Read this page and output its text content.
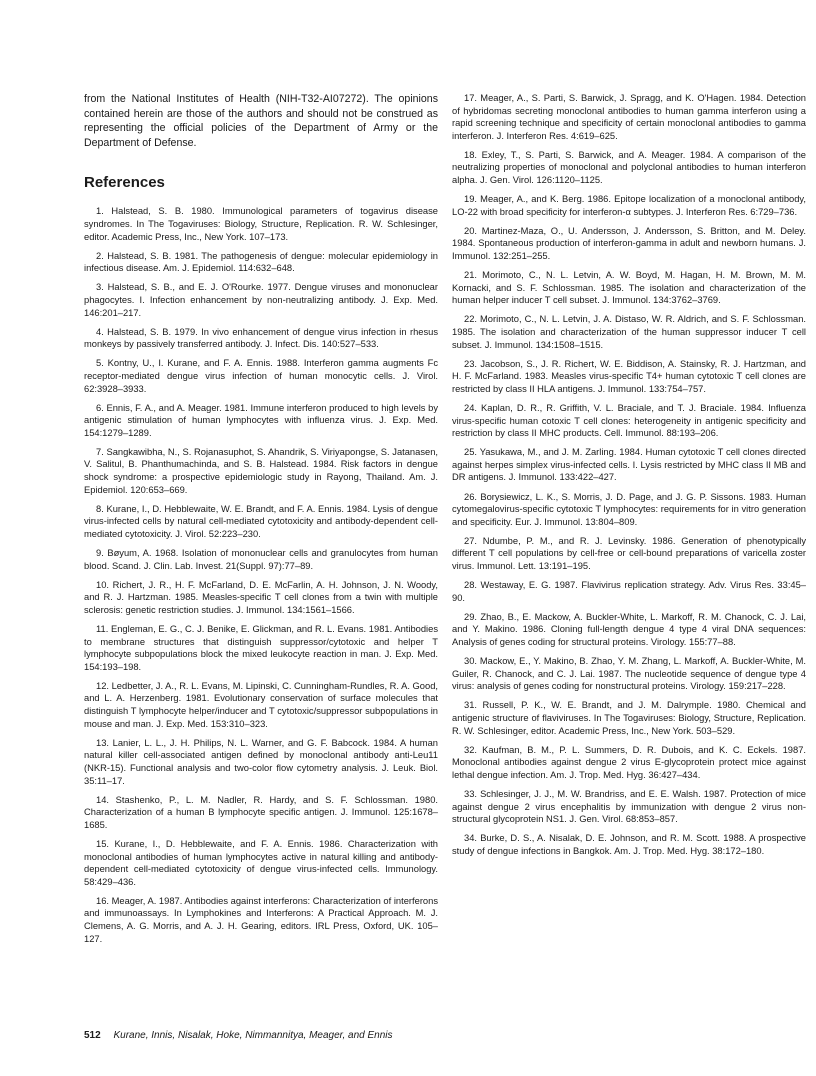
from the National Institutes of Health (NIH-T32-AI07272). The opinions contained herein are those of the authors and should not be construed as representing the official policies of the Department of Army or the Department of Defense.

References

1. Halstead, S. B. 1980. Immunological parameters of togavirus disease syndromes. In The Togaviruses: Biology, Structure, Replication. R. W. Schlesinger, editor. Academic Press, Inc., New York. 107–173.

2. Halstead, S. B. 1981. The pathogenesis of dengue: molecular epidemiology in infectious disease. Am. J. Epidemiol. 114:632–648.

3. Halstead, S. B., and E. J. O'Rourke. 1977. Dengue viruses and mononuclear phagocytes. I. Infection enhancement by non-neutralizing antibody. J. Exp. Med. 146:201–217.

4. Halstead, S. B. 1979. In vivo enhancement of dengue virus infection in rhesus monkeys by passively transferred antibody. J. Infect. Dis. 140:527–533.

5. Kontny, U., I. Kurane, and F. A. Ennis. 1988. Interferon gamma augments Fc receptor-mediated dengue virus infection of human monocytic cells. J. Virol. 62:3928–3933.

6. Ennis, F. A., and A. Meager. 1981. Immune interferon produced to high levels by antigenic stimulation of human lymphocytes with influenza virus. J. Exp. Med. 154:1279–1289.

7. Sangkawibha, N., S. Rojanasuphot, S. Ahandrik, S. Viriyapongse, S. Jatanasen, V. Salitul, B. Phanthumachinda, and S. B. Halstead. 1984. Risk factors in dengue shock syndrome: a prospective epidemiologic study in Rayong, Thailand. Am. J. Epidemiol. 120:653–669.

8. Kurane, I., D. Hebblewaite, W. E. Brandt, and F. A. Ennis. 1984. Lysis of dengue virus-infected cells by natural cell-mediated cytotoxicity and antibody-dependent cell-mediated cytotoxicity. J. Virol. 52:223–230.

9. Bøyum, A. 1968. Isolation of mononuclear cells and granulocytes from human blood. Scand. J. Clin. Lab. Invest. 21(Suppl. 97):77–89.

10. Richert, J. R., H. F. McFarland, D. E. McFarlin, A. H. Johnson, J. N. Woody, and R. J. Hartzman. 1985. Measles-specific T cell clones from a twin with multiple sclerosis: genetic restriction studies. J. Immunol. 134:1561–1566.

11. Engleman, E. G., C. J. Benike, E. Glickman, and R. L. Evans. 1981. Antibodies to membrane structures that distinguish suppressor/cytotoxic and helper T lymphocyte subpopulations block the mixed leukocyte reaction in man. J. Exp. Med. 154:193–198.

12. Ledbetter, J. A., R. L. Evans, M. Lipinski, C. Cunningham-Rundles, R. A. Good, and L. A. Herzenberg. 1981. Evolutionary conservation of surface molecules that distinguish T lymphocyte helper/inducer and T cytotoxic/suppressor subpopulations in mouse and man. J. Exp. Med. 153:310–323.

13. Lanier, L. L., J. H. Philips, N. L. Warner, and G. F. Babcock. 1984. A human natural killer cell-associated antigen defined by monoclonal antibody anti-Leu11 (NKR-15). Functional analysis and two-color flow cytometry analysis. J. Leuk. Biol. 35:11–17.

14. Stashenko, P., L. M. Nadler, R. Hardy, and S. F. Schlossman. 1980. Characterization of a human B lymphocyte specific antigen. J. Immunol. 125:1678–1685.

15. Kurane, I., D. Hebblewaite, and F. A. Ennis. 1986. Characterization with monoclonal antibodies of human lymphocytes active in natural killing and antibody-dependent cell-mediated cytotoxicity of dengue virus-infected cells. Immunology. 58:429–436.

16. Meager, A. 1987. Antibodies against interferons: Characterization of interferons and immunoassays. In Lymphokines and Interferons: A Practical Approach. M. J. Clemens, A. G. Morris, and A. J. H. Gearing, editors. IRL Press, Oxford, UK. 105–127.

17. Meager, A., S. Parti, S. Barwick, J. Spragg, and K. O'Hagen. 1984. Detection of hybridomas secreting monoclonal antibodies to human gamma interferon using a rapid screening technique and specificity of certain monoclonal antibodies to gamma interferon. J. Interferon Res. 4:619–625.

18. Exley, T., S. Parti, S. Barwick, and A. Meager. 1984. A comparison of the neutralizing properties of monoclonal and polyclonal antibodies to human interferon alpha. J. Gen. Virol. 126:1120–1125.

19. Meager, A., and K. Berg. 1986. Epitope localization of a monoclonal antibody, LO-22 with broad specificity for interferon-α subtypes. J. Interferon Res. 6:729–736.

20. Martinez-Maza, O., U. Andersson, J. Andersson, S. Britton, and M. Deley. 1984. Spontaneous production of interferon-gamma in adult and newborn humans. J. Immunol. 132:251–255.

21. Morimoto, C., N. L. Letvin, A. W. Boyd, M. Hagan, H. M. Brown, M. M. Kornacki, and S. F. Schlossman. 1985. The isolation and characterization of the human helper inducer T cell subset. J. Immunol. 134:3762–3769.

22. Morimoto, C., N. L. Letvin, J. A. Distaso, W. R. Aldrich, and S. F. Schlossman. 1985. The isolation and characterization of the human suppressor inducer T cell subset. J. Immunol. 134:1508–1515.

23. Jacobson, S., J. R. Richert, W. E. Biddison, A. Stainsky, R. J. Hartzman, and H. F. McFarland. 1983. Measles virus-specific T4+ human cytotoxic T cell clones are restricted by class II HLA antigens. J. Immunol. 133:754–757.

24. Kaplan, D. R., R. Griffith, V. L. Braciale, and T. J. Braciale. 1984. Influenza virus-specific human cotoxic T cell clones: heterogeneity in antigenic specificity and restriction by class II MHC products. Cell. Immunol. 88:193–206.

25. Yasukawa, M., and J. M. Zarling. 1984. Human cytotoxic T cell clones directed against herpes simplex virus-infected cells. I. Lysis restricted by MHC class II MB and DR antigens. J. Immunol. 133:422–427.

26. Borysiewicz, L. K., S. Morris, J. D. Page, and J. G. P. Sissons. 1983. Human cytomegalovirus-specific cytotoxic T lymphocytes: requirements for in vitro generation and specificity. Eur. J. Immunol. 13:804–809.

27. Ndumbe, P. M., and R. J. Levinsky. 1986. Generation of phenotypically different T cell populations by cell-free or cell-bound preparations of varicella zoster virus. Immunol. Lett. 13:191–195.

28. Westaway, E. G. 1987. Flavivirus replication strategy. Adv. Virus Res. 33:45–90.

29. Zhao, B., E. Mackow, A. Buckler-White, L. Markoff, R. M. Chanock, C. J. Lai, and Y. Makino. 1986. Cloning full-length dengue 4 type 4 viral DNA sequences: Analysis of genes coding for structural proteins. Virology. 155:77–88.

30. Mackow, E., Y. Makino, B. Zhao, Y. M. Zhang, L. Markoff, A. Buckler-White, M. Guiler, R. Chanock, and C. J. Lai. 1987. The nucleotide sequence of dengue type 4 virus: analysis of genes coding for nonstructural proteins. Virology. 159:217–228.

31. Russell, P. K., W. E. Brandt, and J. M. Dalrymple. 1980. Chemical and antigenic structure of flaviviruses. In The Togaviruses: Biology, Structure, Replication. R. W. Schlesinger, editor. Academic Press, Inc., New York. 503–529.

32. Kaufman, B. M., P. L. Summers, D. R. Dubois, and K. C. Eckels. 1987. Monoclonal antibodies against dengue 2 virus E-glycoprotein protect mice against lethal dengue infection. Am. J. Trop. Med. Hyg. 36:427–434.

33. Schlesinger, J. J., M. W. Brandriss, and E. E. Walsh. 1987. Protection of mice against dengue 2 virus encephalitis by immunization with dengue 2 virus non-structural glycoprotein NS1. J. Gen. Virol. 68:853–857.

34. Burke, D. S., A. Nisalak, D. E. Johnson, and R. M. Scott. 1988. A prospective study of dengue infections in Bangkok. Am. J. Trop. Med. Hyg. 38:172–180.

512 Kurane, Innis, Nisalak, Hoke, Nimmannitya, Meager, and Ennis
